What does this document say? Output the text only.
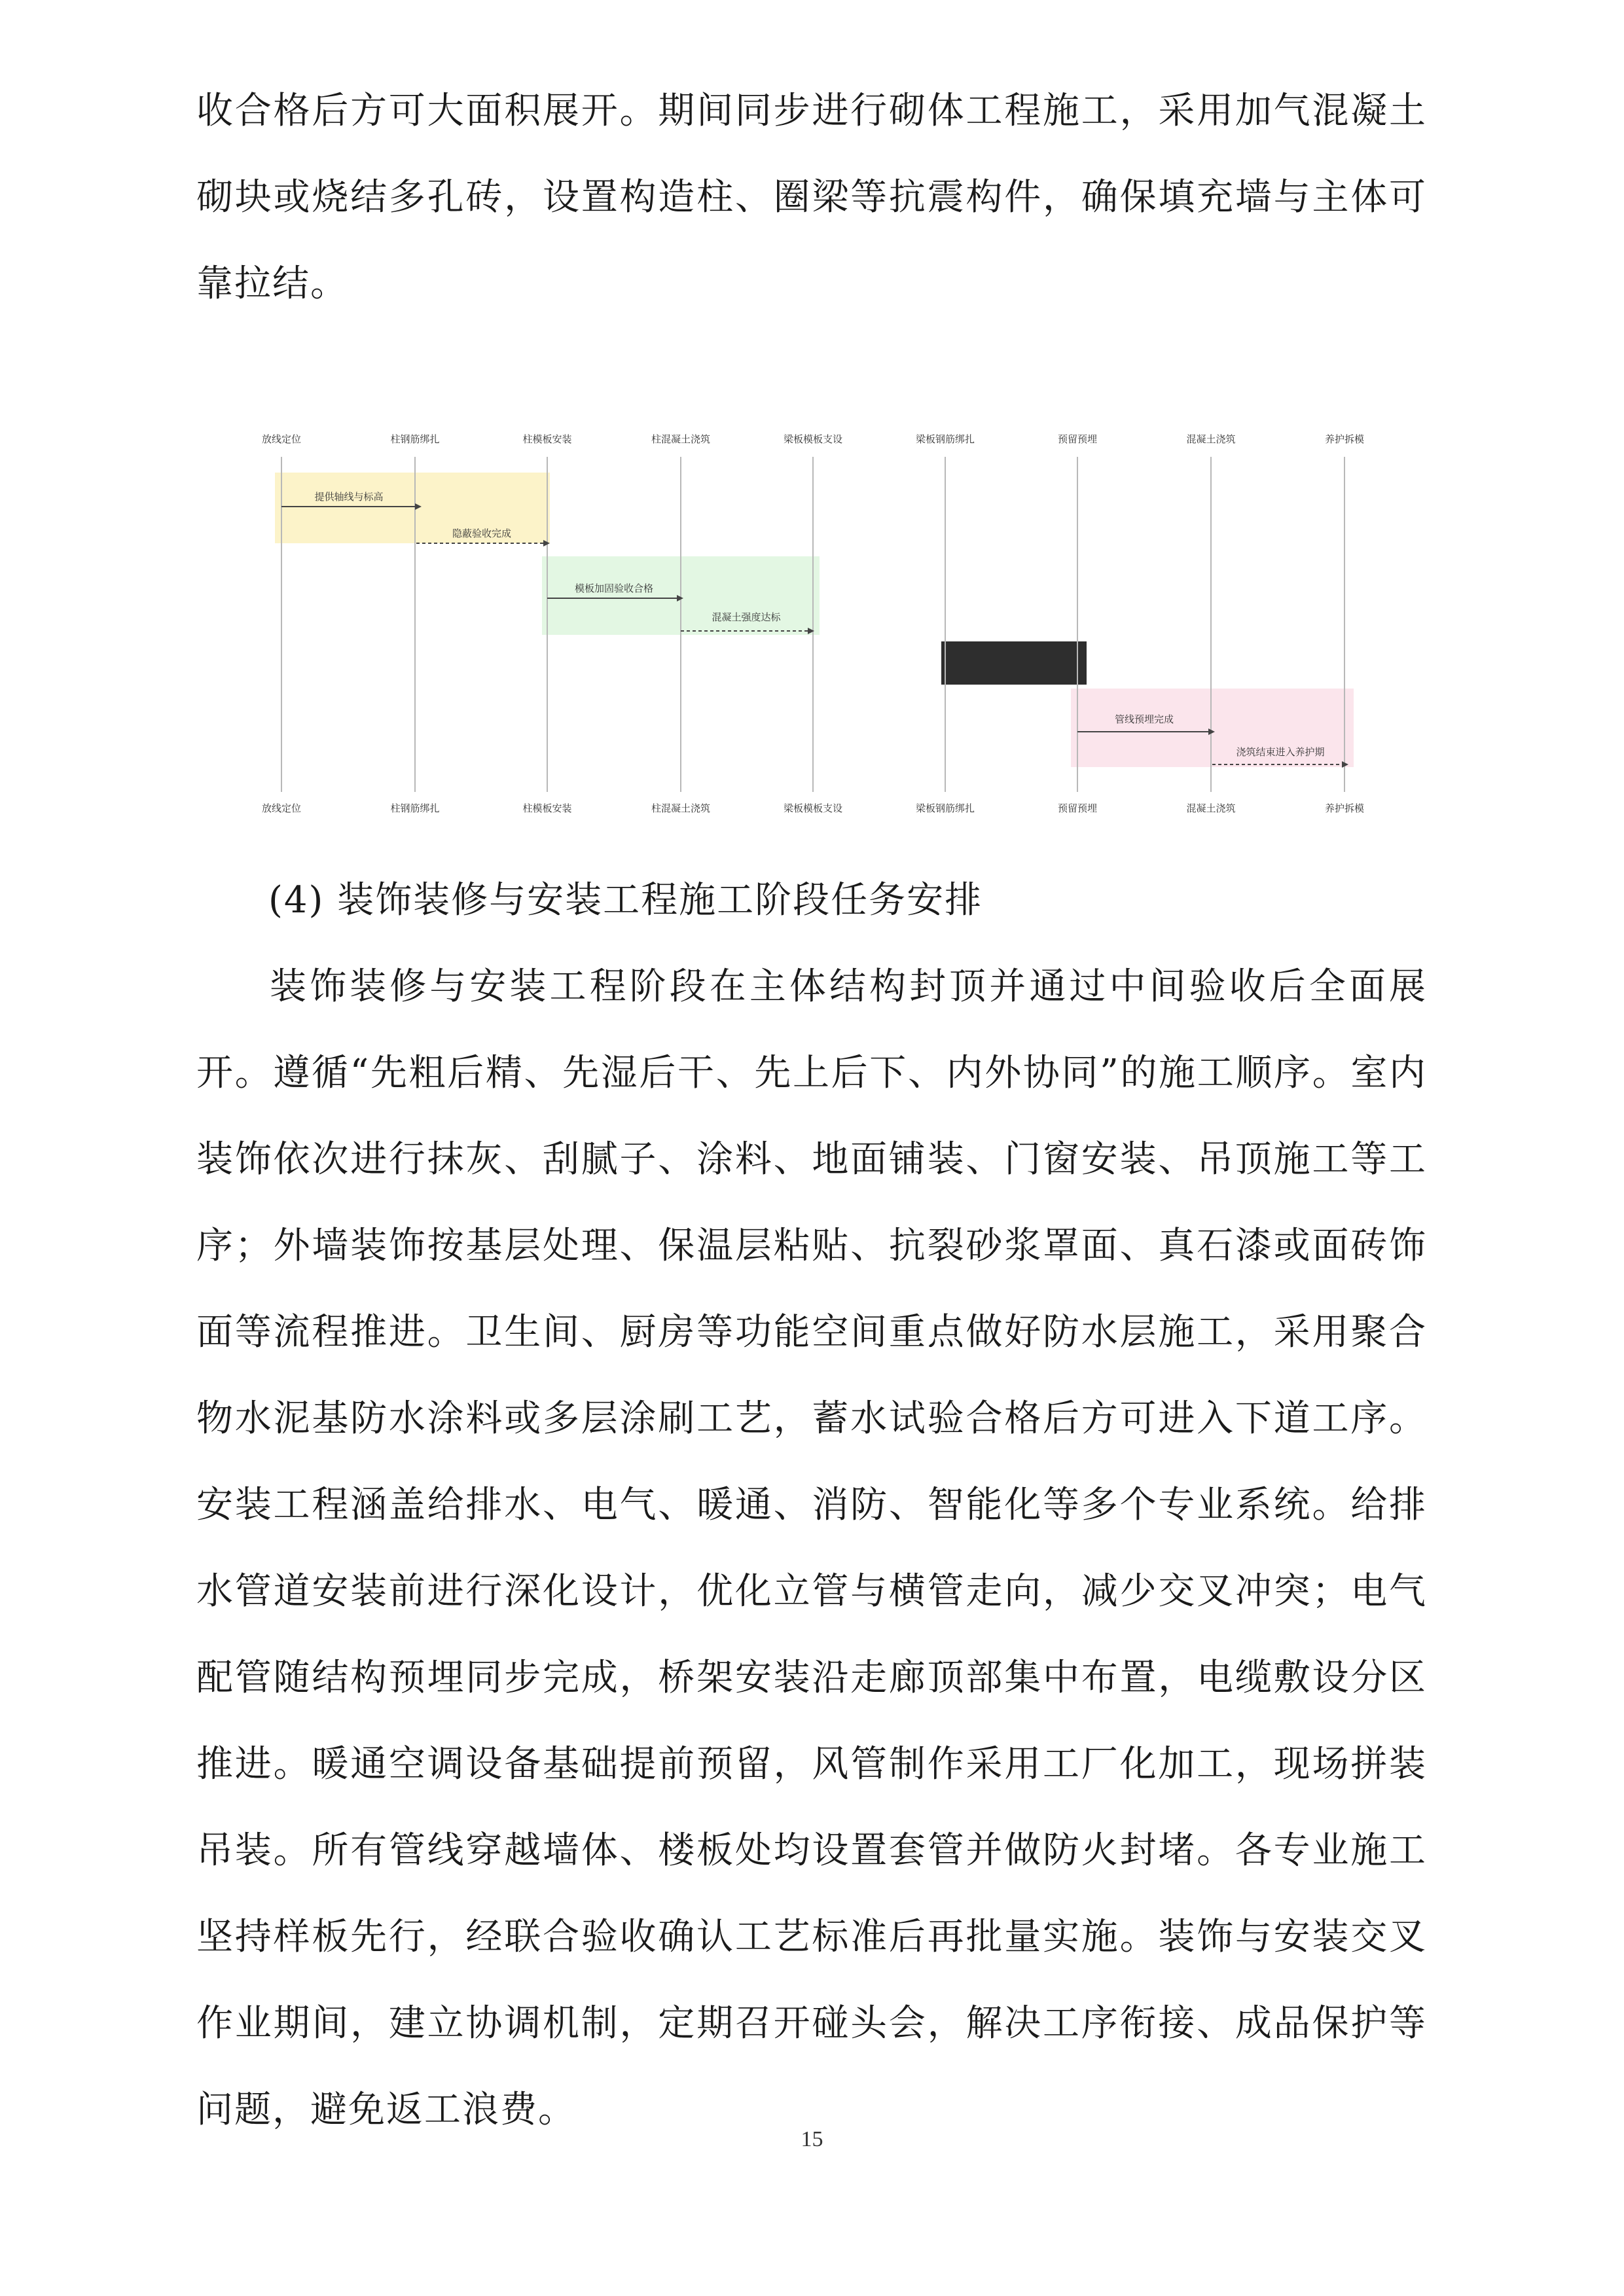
收合格后方可大面积展开。期间同步进行砌体工程施工，采用加气混凝土砌块或烧结多孔砖，设置构造柱、圈梁等抗震构件，确保填充墙与主体可靠拉结。

放线定位	柱钢筋绑扎	柱模板安装	柱混凝土浇筑	梁板模板支设	梁板钢筋绑扎	预留预埋	混凝土浇筑	养护拆模
放线定位	柱钢筋绑扎	柱模板安装	柱混凝土浇筑	梁板模板支设	梁板钢筋绑扎	预留预埋	混凝土浇筑	养护拆模
提供轴线与标高
隐蔽验收完成
模板加固验收合格
混凝土强度达标
管线预埋完成
浇筑结束进入养护期

(4) 装饰装修与安装工程施工阶段任务安排

装饰装修与安装工程阶段在主体结构封顶并通过中间验收后全面展开。遵循“先粗后精、先湿后干、先上后下、内外协同”的施工顺序。室内装饰依次进行抹灰、刮腻子、涂料、地面铺装、门窗安装、吊顶施工等工序；外墙装饰按基层处理、保温层粘贴、抗裂砂浆罩面、真石漆或面砖饰面等流程推进。卫生间、厨房等功能空间重点做好防水层施工，采用聚合物水泥基防水涂料或多层涂刷工艺，蓄水试验合格后方可进入下道工序。安装工程涵盖给排水、电气、暖通、消防、智能化等多个专业系统。给排水管道安装前进行深化设计，优化立管与横管走向，减少交叉冲突；电气配管随结构预埋同步完成，桥架安装沿走廊顶部集中布置，电缆敷设分区推进。暖通空调设备基础提前预留，风管制作采用工厂化加工，现场拼装吊装。所有管线穿越墙体、楼板处均设置套管并做防火封堵。各专业施工坚持样板先行，经联合验收确认工艺标准后再批量实施。装饰与安装交叉作业期间，建立协调机制，定期召开碰头会，解决工序衔接、成品保护等问题，避免返工浪费。

15
